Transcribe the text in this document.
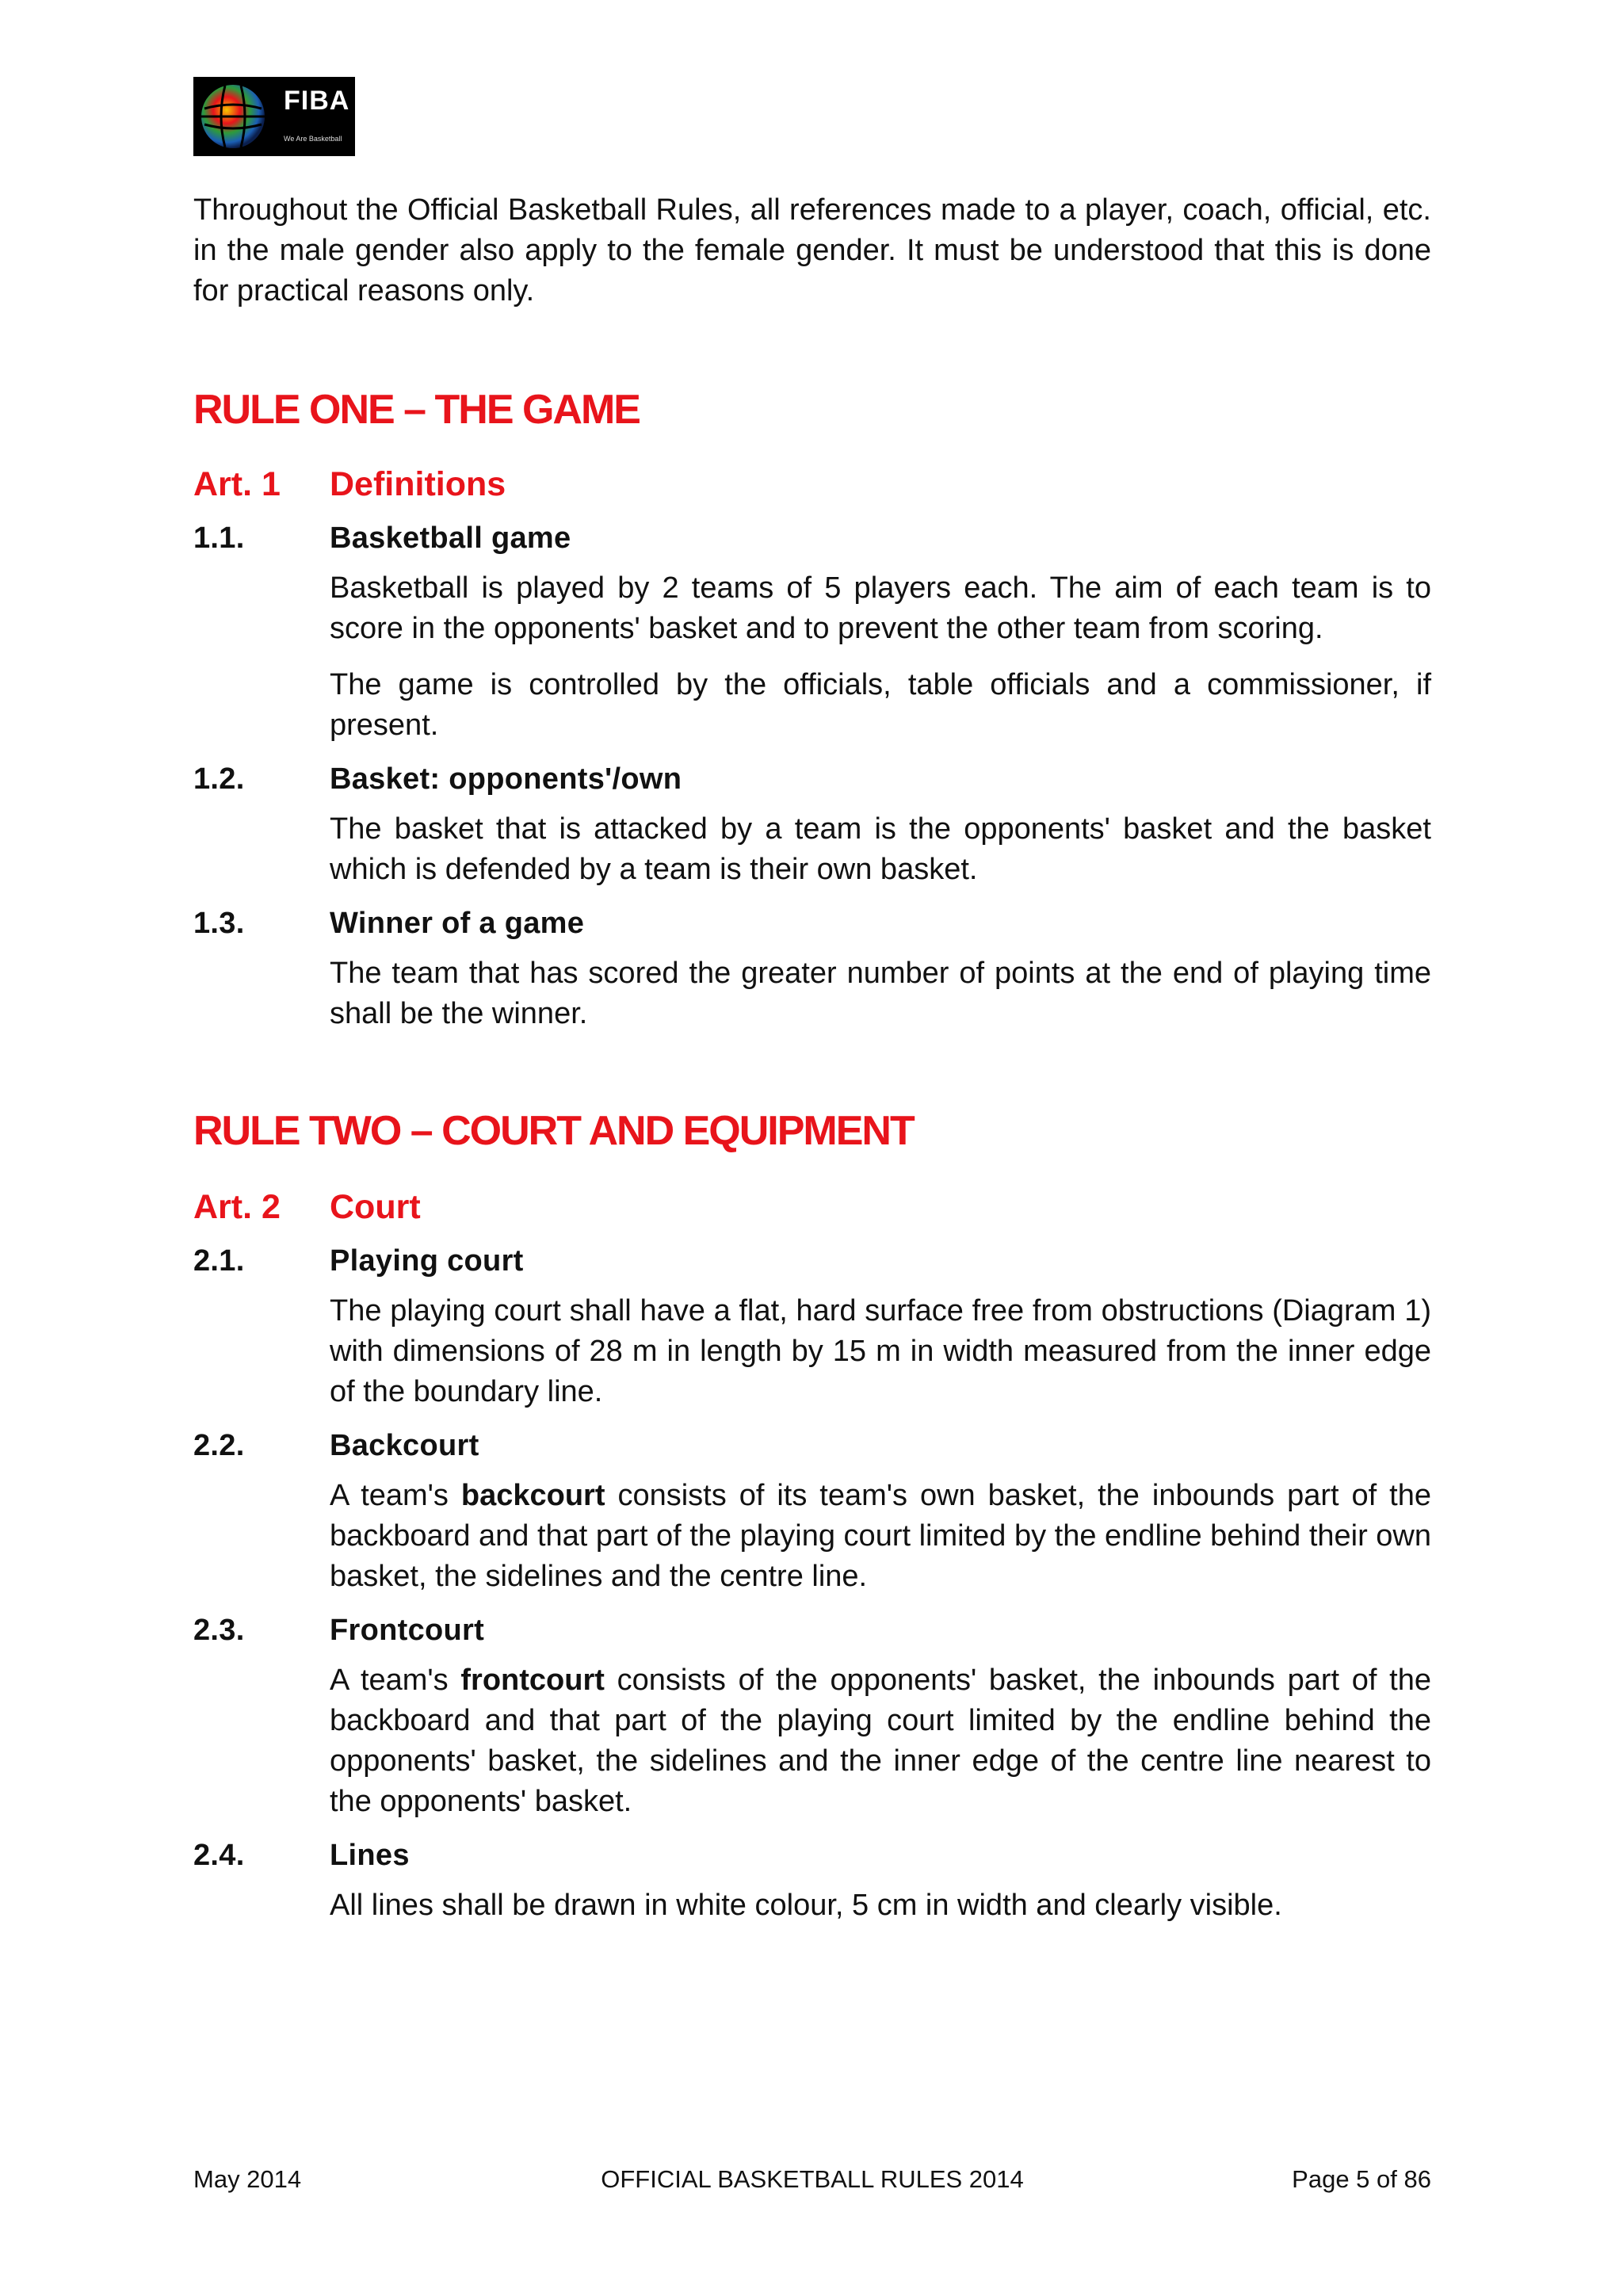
FIBA
We Are Basketball

Throughout the Official Basketball Rules, all references made to a player, coach, official, etc. in the male gender also apply to the female gender. It must be understood that this is done for practical reasons only.

RULE ONE – THE GAME
Art. 1	Definitions
1.1.	Basketball game

Basketball is played by 2 teams of 5 players each. The aim of each team is to score in the opponents' basket and to prevent the other team from scoring.

The game is controlled by the officials, table officials and a commissioner, if present.

1.2.	Basket: opponents'/own

The basket that is attacked by a team is the opponents' basket and the basket which is defended by a team is their own basket.

1.3.	Winner of a game

The team that has scored the greater number of points at the end of playing time shall be the winner.

RULE TWO – COURT AND EQUIPMENT
Art. 2	Court
2.1.	Playing court

The playing court shall have a flat, hard surface free from obstructions (Diagram 1) with dimensions of 28 m in length by 15 m in width measured from the inner edge of the boundary line.

2.2.	Backcourt

A team's backcourt consists of its team's own basket, the inbounds part of the backboard and that part of the playing court limited by the endline behind their own basket, the sidelines and the centre line.

2.3.	Frontcourt

A team's frontcourt consists of the opponents' basket, the inbounds part of the backboard and that part of the playing court limited by the endline behind the opponents' basket, the sidelines and the inner edge of the centre line nearest to the opponents' basket.

2.4.	Lines

All lines shall be drawn in white colour, 5 cm in width and clearly visible.

May 2014	OFFICIAL BASKETBALL RULES 2014	Page 5 of 86
